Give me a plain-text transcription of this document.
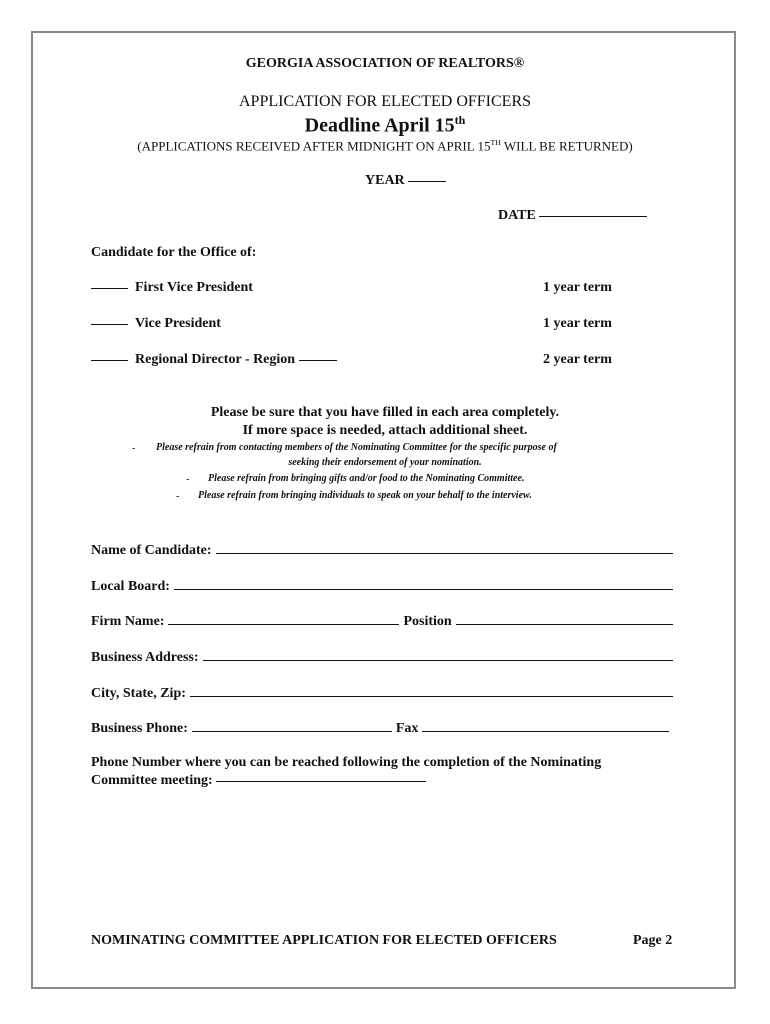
GEORGIA ASSOCIATION OF REALTORS®
APPLICATION FOR ELECTED OFFICERS
Deadline April 15th
(APPLICATIONS RECEIVED AFTER MIDNIGHT ON APRIL 15TH WILL BE RETURNED)
YEAR
DATE
Candidate for the Office of:
First Vice President	1 year term
Vice President	1 year term
Regional Director - Region	2 year term
Please be sure that you have filled in each area completely.
If more space is needed, attach additional sheet.
- Please refrain from contacting members of the Nominating Committee for the specific purpose of
seeking their endorsement of your nomination.
- Please refrain from bringing gifts and/or food to the Nominating Committee.
- Please refrain from bringing individuals to speak on your behalf to the interview.
Name of Candidate:
Local Board:
Firm Name:	Position
Business Address:
City, State, Zip:
Business Phone:	Fax
Phone Number where you can be reached following the completion of the Nominating
Committee meeting:
NOMINATING COMMITTEE APPLICATION FOR ELECTED OFFICERS	Page 2
